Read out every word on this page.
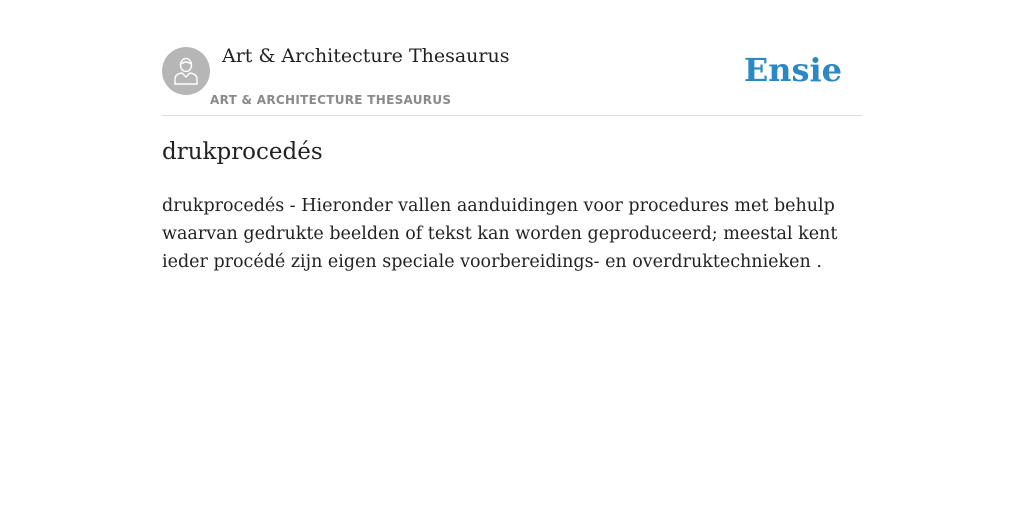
Art & Architecture Thesaurus
ART & ARCHITECTURE THESAURUS
Ensie
drukprocedés
drukprocedés - Hieronder vallen aanduidingen voor procedures met behulp waarvan gedrukte beelden of tekst kan worden geproduceerd; meestal kent ieder procédé zijn eigen speciale voorbereidings- en overdruktechnieken .
